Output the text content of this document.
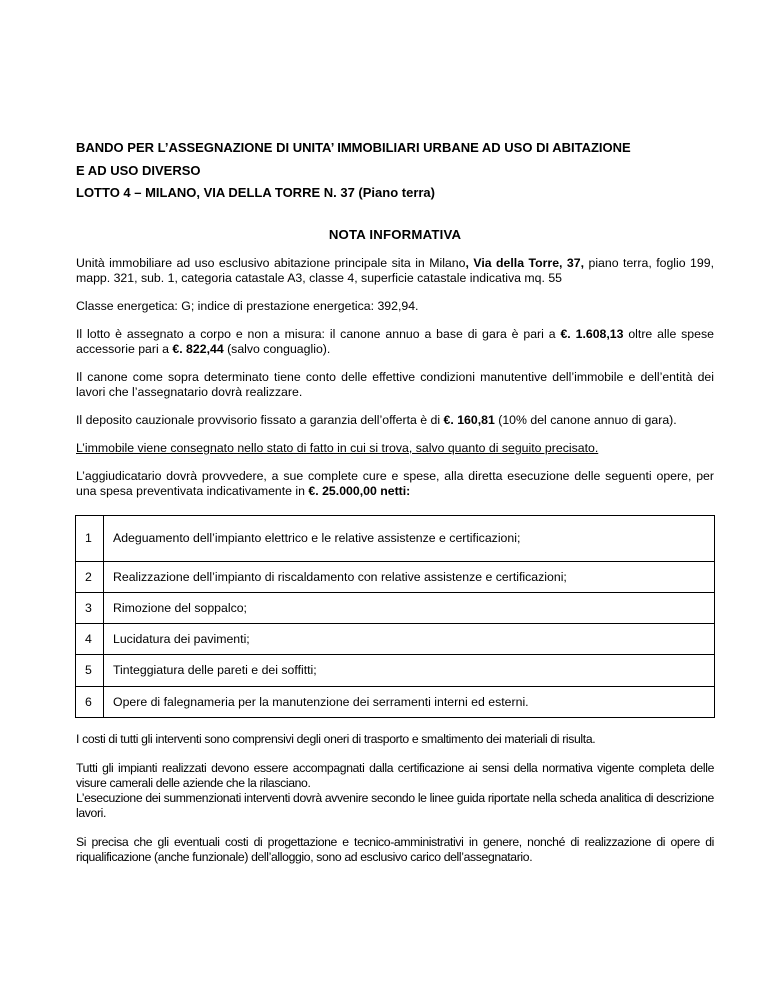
BANDO PER L’ASSEGNAZIONE DI UNITA’ IMMOBILIARI URBANE AD USO DI ABITAZIONE
E AD USO DIVERSO
LOTTO 4 – MILANO, VIA DELLA TORRE N. 37 (Piano terra)
NOTA INFORMATIVA

Unità immobiliare ad uso esclusivo abitazione principale sita in Milano, Via della Torre, 37, piano terra, foglio 199, mapp. 321, sub. 1, categoria catastale A3, classe 4, superficie catastale indicativa mq. 55

Classe energetica: G; indice di prestazione energetica: 392,94.

Il lotto è assegnato a corpo e non a misura: il canone annuo a base di gara è pari a €. 1.608,13 oltre alle spese accessorie pari a €. 822,44 (salvo conguaglio).

Il canone come sopra determinato tiene conto delle effettive condizioni manutentive dell’immobile e dell’entità dei lavori che l’assegnatario dovrà realizzare.

Il deposito cauzionale provvisorio fissato a garanzia dell’offerta è di €. 160,81 (10% del canone annuo di gara).

L’immobile viene consegnato nello stato di fatto in cui si trova, salvo quanto di seguito precisato.

L’aggiudicatario dovrà provvedere, a sue complete cure e spese, alla diretta esecuzione delle seguenti opere, per una spesa preventivata indicativamente in €. 25.000,00 netti:

1	Adeguamento dell’impianto elettrico e le relative assistenze e certificazioni;
2	Realizzazione dell’impianto di riscaldamento con relative assistenze e certificazioni;
3	Rimozione del soppalco;
4	Lucidatura dei pavimenti;
5	Tinteggiatura delle pareti e dei soffitti;
6	Opere di falegnameria per la manutenzione dei serramenti interni ed esterni.

I costi di tutti gli interventi sono comprensivi degli oneri di trasporto e smaltimento dei materiali di risulta.

Tutti gli impianti realizzati devono essere accompagnati dalla certificazione ai sensi della normativa vigente completa delle visure camerali delle aziende che la rilasciano.

L’esecuzione dei summenzionati interventi dovrà avvenire secondo le linee guida riportate nella scheda analitica di descrizione lavori.

Si precisa che gli eventuali costi di progettazione e tecnico-amministrativi in genere, nonché di realizzazione di opere di riqualificazione (anche funzionale) dell’alloggio, sono ad esclusivo carico dell’assegnatario.
